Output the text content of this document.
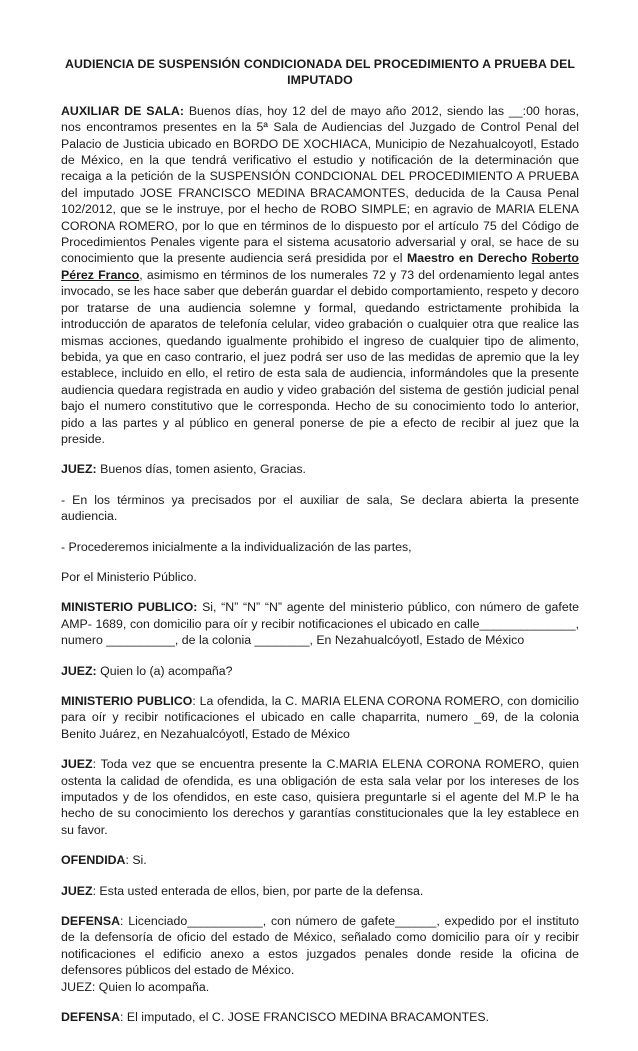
AUDIENCIA DE SUSPENSIÓN CONDICIONADA DEL PROCEDIMIENTO A PRUEBA DEL IMPUTADO

AUXILIAR DE SALA: Buenos días, hoy 12 del de mayo año 2012, siendo las __:00 horas, nos encontramos presentes en la 5ª Sala de Audiencias del Juzgado de Control Penal del Palacio de Justicia ubicado en BORDO DE XOCHIACA, Municipio de Nezahualcoyotl, Estado de México, en la que tendrá verificativo el estudio y notificación de la determinación que recaiga a la petición de la SUSPENSIÓN CONDCIONAL DEL PROCEDIMIENTO A PRUEBA del imputado JOSE FRANCISCO MEDINA BRACAMONTES, deducida de la Causa Penal 102/2012, que se le instruye, por el hecho de ROBO SIMPLE; en agravio de MARIA ELENA CORONA ROMERO, por lo que en términos de lo dispuesto por el artículo 75 del Código de Procedimientos Penales vigente para el sistema acusatorio adversarial y oral, se hace de su conocimiento que la presente audiencia será presidida por el Maestro en Derecho Roberto Pérez Franco, asimismo en términos de los numerales 72 y 73 del ordenamiento legal antes invocado, se les hace saber que deberán guardar el debido comportamiento, respeto y decoro por tratarse de una audiencia solemne y formal, quedando estrictamente prohibida la introducción de aparatos de telefonía celular, video grabación o cualquier otra que realice las mismas acciones, quedando igualmente prohibido el ingreso de cualquier tipo de alimento, bebida, ya que en caso contrario, el juez podrá ser uso de las medidas de apremio que la ley establece, incluido en ello, el retiro de esta sala de audiencia, informándoles que la presente audiencia quedara registrada en audio y video grabación del sistema de gestión judicial penal bajo el numero constitutivo que le corresponda. Hecho de su conocimiento todo lo anterior, pido a las partes y al público en general ponerse de pie a efecto de recibir al juez que la preside.

JUEZ: Buenos días, tomen asiento, Gracias.

- En los términos ya precisados por el auxiliar de sala, Se declara abierta la presente audiencia.

- Procederemos inicialmente a la individualización de las partes,

Por el Ministerio Público.

MINISTERIO PUBLICO: Si, “N” “N” “N” agente del ministerio público, con número de gafete AMP- 1689, con domicilio para oír y recibir notificaciones el ubicado en calle______________, numero __________, de la colonia ________, En Nezahualcóyotl, Estado de México

JUEZ: Quien lo (a) acompaña?

MINISTERIO PUBLICO: La ofendida, la C. MARIA ELENA CORONA ROMERO, con domicilio para oír y recibir notificaciones el ubicado en calle chaparrita, numero _69, de la colonia Benito Juárez, en Nezahualcóyotl, Estado de México

JUEZ: Toda vez que se encuentra presente la C.MARIA ELENA CORONA ROMERO, quien ostenta la calidad de ofendida, es una obligación de esta sala velar por los intereses de los imputados y de los ofendidos, en este caso, quisiera preguntarle si el agente del M.P le ha hecho de su conocimiento los derechos y garantías constitucionales que la ley establece en su favor.

OFENDIDA: Si.

JUEZ: Esta usted enterada de ellos, bien, por parte de la defensa.

DEFENSA: Licenciado___________, con número de gafete______, expedido por el instituto de la defensoría de oficio del estado de México, señalado como domicilio para oír y recibir notificaciones el edificio anexo a estos juzgados penales donde reside la oficina de defensores públicos del estado de México.

JUEZ: Quien lo acompaña.

DEFENSA: El imputado, el C. JOSE FRANCISCO MEDINA BRACAMONTES.
